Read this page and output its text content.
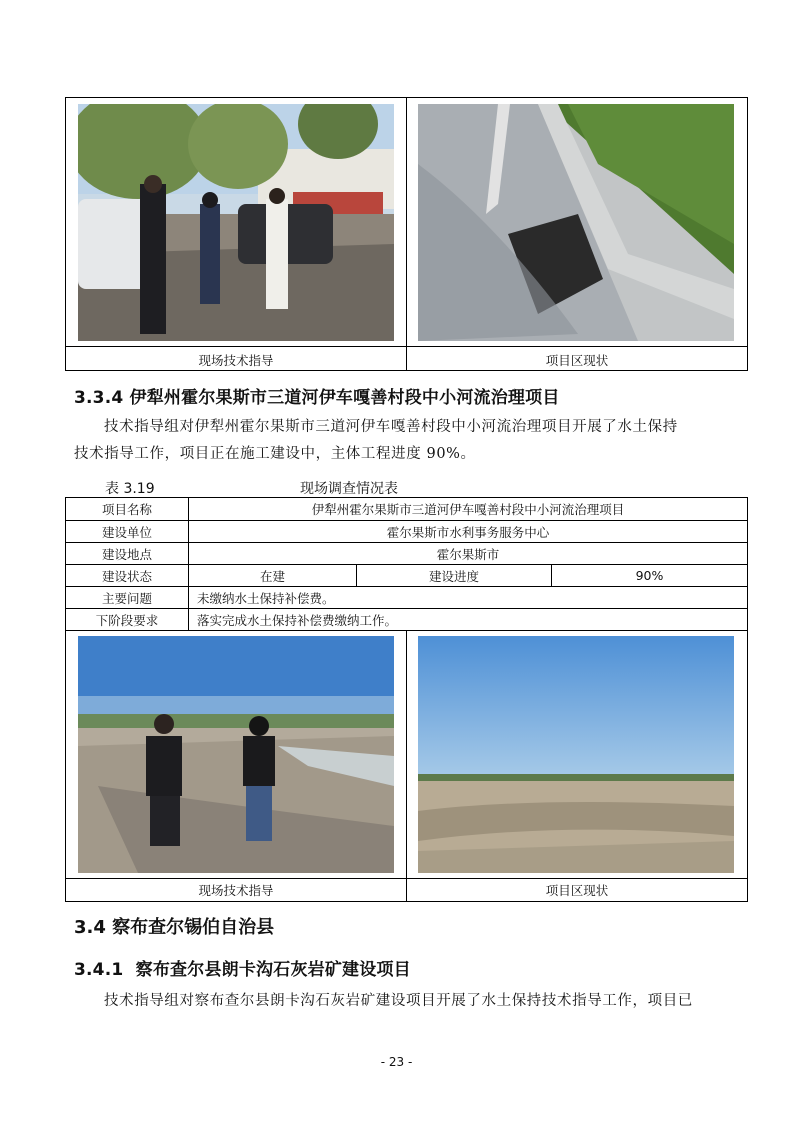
现场技术指导	项目区现状
3.3.4 伊犁州霍尔果斯市三道河伊车嘎善村段中小河流治理项目
技术指导组对伊犁州霍尔果斯市三道河伊车嘎善村段中小河流治理项目开展了水土保持
技术指导工作，项目正在施工建设中，主体工程进度 90%。
表 3.19	现场调查情况表
项目名称	伊犁州霍尔果斯市三道河伊车嘎善村段中小河流治理项目
建设单位	霍尔果斯市水利事务服务中心
建设地点	霍尔果斯市
建设状态	在建	建设进度	90%
主要问题	未缴纳水土保持补偿费。
下阶段要求	落实完成水土保持补偿费缴纳工作。
现场技术指导	项目区现状
3.4 察布查尔锡伯自治县
3.4.1  察布查尔县朗卡沟石灰岩矿建设项目
技术指导组对察布查尔县朗卡沟石灰岩矿建设项目开展了水土保持技术指导工作，项目已
- 23 -
